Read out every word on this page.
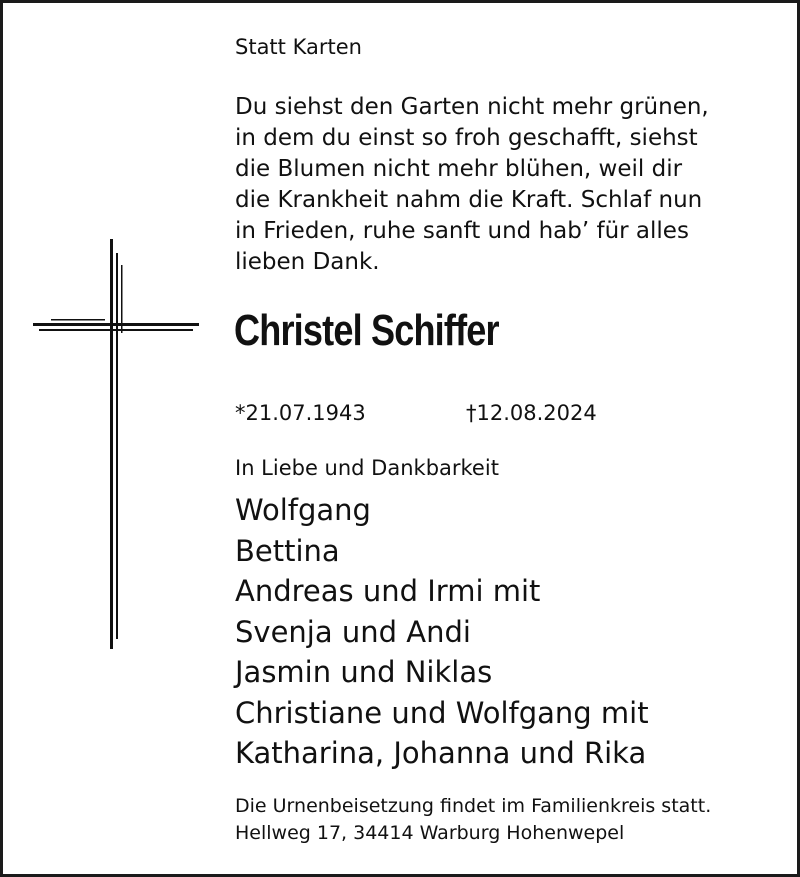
Statt Karten
Du siehst den Garten nicht mehr grünen,
in dem du einst so froh geschafft, siehst
die Blumen nicht mehr blühen, weil dir
die Krankheit nahm die Kraft. Schlaf nun
in Frieden, ruhe sanft und hab’ für alles
lieben Dank.
Christel Schiffer
*21.07.1943	†12.08.2024
In Liebe und Dankbarkeit
Wolfgang
Bettina
Andreas und Irmi mit
Svenja und Andi
Jasmin und Niklas
Christiane und Wolfgang mit
Katharina, Johanna und Rika
Die Urnenbeisetzung findet im Familienkreis statt.
Hellweg 17, 34414 Warburg Hohenwepel
